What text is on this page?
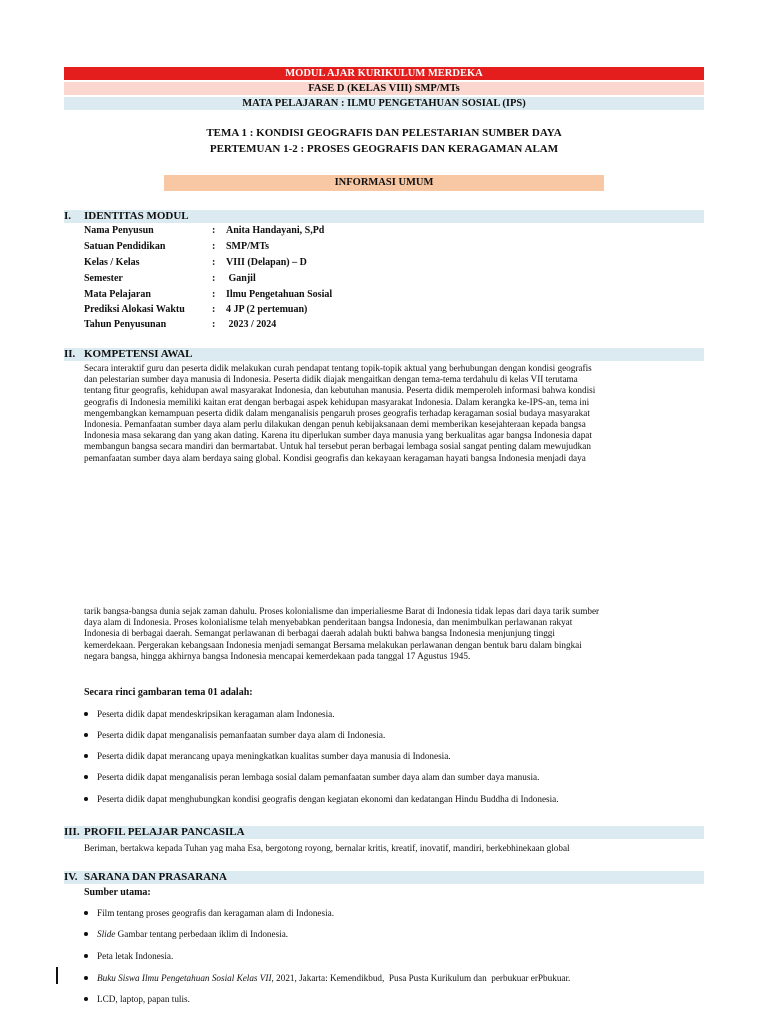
MODUL AJAR KURIKULUM MERDEKA
FASE D (KELAS VIII) SMP/MTs
MATA PELAJARAN : ILMU PENGETAHUAN SOSIAL (IPS)
TEMA 1 : KONDISI GEOGRAFIS DAN PELESTARIAN SUMBER DAYA
PERTEMUAN 1-2 : PROSES GEOGRAFIS DAN KERAGAMAN ALAM
INFORMASI UMUM
I. IDENTITAS MODUL
Nama Penyusun	: Anita Handayani, S,Pd
Satuan Pendidikan	: SMP/MTs
Kelas / Kelas	: VIII (Delapan) – D
Semester	: Ganjil
Mata Pelajaran	: Ilmu Pengetahuan Sosial
Prediksi Alokasi Waktu	: 4 JP (2 pertemuan)
Tahun Penyusunan	: 2023 / 2024
II. KOMPETENSI AWAL
Secara interaktif guru dan peserta didik melakukan curah pendapat tentang topik-topik aktual yang berhubungan dengan kondisi geografis
dan pelestarian sumber daya manusia di Indonesia. Peserta didik diajak mengaitkan dengan tema-tema terdahulu di kelas VII terutama
tentang fitur geografis, kehidupan awal masyarakat Indonesia, dan kebutuhan manusia. Peserta didik memperoleh informasi bahwa kondisi
geografis di Indonesia memiliki kaitan erat dengan berbagai aspek kehidupan masyarakat Indonesia. Dalam kerangka ke-IPS-an, tema ini
mengembangkan kemampuan peserta didik dalam menganalisis pengaruh proses geografis terhadap keragaman sosial budaya masyarakat
Indonesia. Pemanfaatan sumber daya alam perlu dilakukan dengan penuh kebijaksanaan demi memberikan kesejahteraan kepada bangsa
Indonesia masa sekarang dan yang akan dating. Karena itu diperlukan sumber daya manusia yang berkualitas agar bangsa Indonesia dapat
membangun bangsa secara mandiri dan bermartabat. Untuk hal tersebut peran berbagai lembaga sosial sangat penting dalam mewujudkan
pemanfaatan sumber daya alam berdaya saing global. Kondisi geografis dan kekayaan keragaman hayati bangsa Indonesia menjadi daya
tarik bangsa-bangsa dunia sejak zaman dahulu. Proses kolonialisme dan imperialiesme Barat di Indonesia tidak lepas dari daya tarik sumber
daya alam di Indonesia. Proses kolonialisme telah menyebabkan penderitaan bangsa Indonesia, dan menimbulkan perlawanan rakyat
Indonesia di berbagai daerah. Semangat perlawanan di berbagai daerah adalah bukti bahwa bangsa Indonesia menjunjung tinggi
kemerdekaan. Pergerakan kebangsaan Indonesia menjadi semangat Bersama melakukan perlawanan dengan bentuk baru dalam bingkai
negara bangsa, hingga akhirnya bangsa Indonesia mencapai kemerdekaan pada tanggal 17 Agustus 1945.
Secara rinci gambaran tema 01 adalah:
Peserta didik dapat mendeskripsikan keragaman alam Indonesia.
Peserta didik dapat menganalisis pemanfaatan sumber daya alam di Indonesia.
Peserta didik dapat merancang upaya meningkatkan kualitas sumber daya manusia di Indonesia.
Peserta didik dapat menganalisis peran lembaga sosial dalam pemanfaatan sumber daya alam dan sumber daya manusia.
Peserta didik dapat menghubungkan kondisi geografis dengan kegiatan ekonomi dan kedatangan Hindu Buddha di Indonesia.
III. PROFIL PELAJAR PANCASILA
Beriman, bertakwa kepada Tuhan yag maha Esa, bergotong royong, bernalar kritis, kreatif, inovatif, mandiri, berkebhinekaan global
IV. SARANA DAN PRASARANA
Sumber utama:
Film tentang proses geografis dan keragaman alam di Indonesia.
Slide Gambar tentang perbedaan iklim di Indonesia.
Peta letak Indonesia.
Buku Siswa Ilmu Pengetahuan Sosial Kelas VII, 2021, Jakarta: Kemendikbud,  Pusa Pusta Kurikulum dan  perbukuar erPbukuar.
LCD, laptop, papan tulis.
